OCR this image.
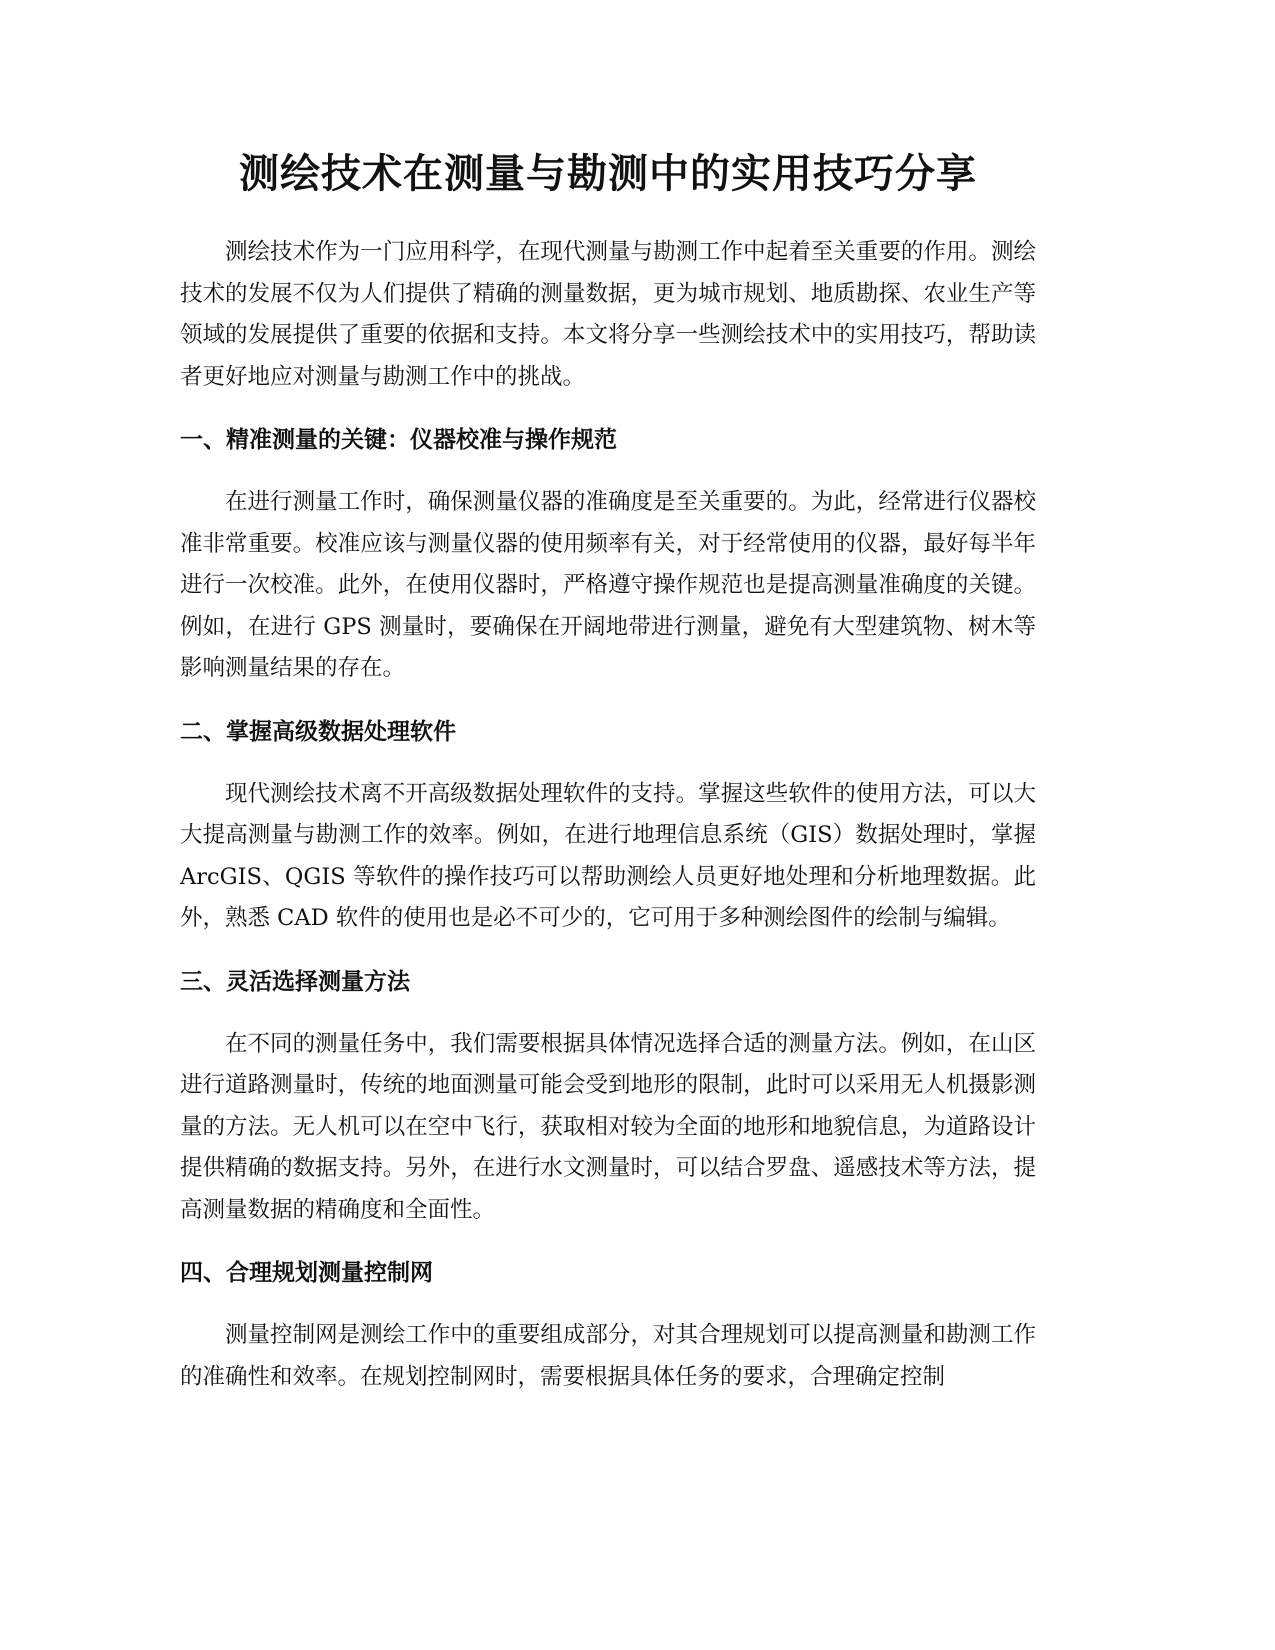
测绘技术在测量与勘测中的实用技巧分享

测绘技术作为一门应用科学，在现代测量与勘测工作中起着至关重要的作用。测绘技术的发展不仅为人们提供了精确的测量数据，更为城市规划、地质勘探、农业生产等领域的发展提供了重要的依据和支持。本文将分享一些测绘技术中的实用技巧，帮助读者更好地应对测量与勘测工作中的挑战。

一、精准测量的关键：仪器校准与操作规范

在进行测量工作时，确保测量仪器的准确度是至关重要的。为此，经常进行仪器校准非常重要。校准应该与测量仪器的使用频率有关，对于经常使用的仪器，最好每半年进行一次校准。此外，在使用仪器时，严格遵守操作规范也是提高测量准确度的关键。例如，在进行 GPS 测量时，要确保在开阔地带进行测量，避免有大型建筑物、树木等影响测量结果的存在。

二、掌握高级数据处理软件

现代测绘技术离不开高级数据处理软件的支持。掌握这些软件的使用方法，可以大大提高测量与勘测工作的效率。例如，在进行地理信息系统（GIS）数据处理时，掌握 ArcGIS、QGIS 等软件的操作技巧可以帮助测绘人员更好地处理和分析地理数据。此外，熟悉 CAD 软件的使用也是必不可少的，它可用于多种测绘图件的绘制与编辑。

三、灵活选择测量方法

在不同的测量任务中，我们需要根据具体情况选择合适的测量方法。例如，在山区进行道路测量时，传统的地面测量可能会受到地形的限制，此时可以采用无人机摄影测量的方法。无人机可以在空中飞行，获取相对较为全面的地形和地貌信息，为道路设计提供精确的数据支持。另外，在进行水文测量时，可以结合罗盘、遥感技术等方法，提高测量数据的精确度和全面性。

四、合理规划测量控制网

测量控制网是测绘工作中的重要组成部分，对其合理规划可以提高测量和勘测工作的准确性和效率。在规划控制网时，需要根据具体任务的要求，合理确定控制
